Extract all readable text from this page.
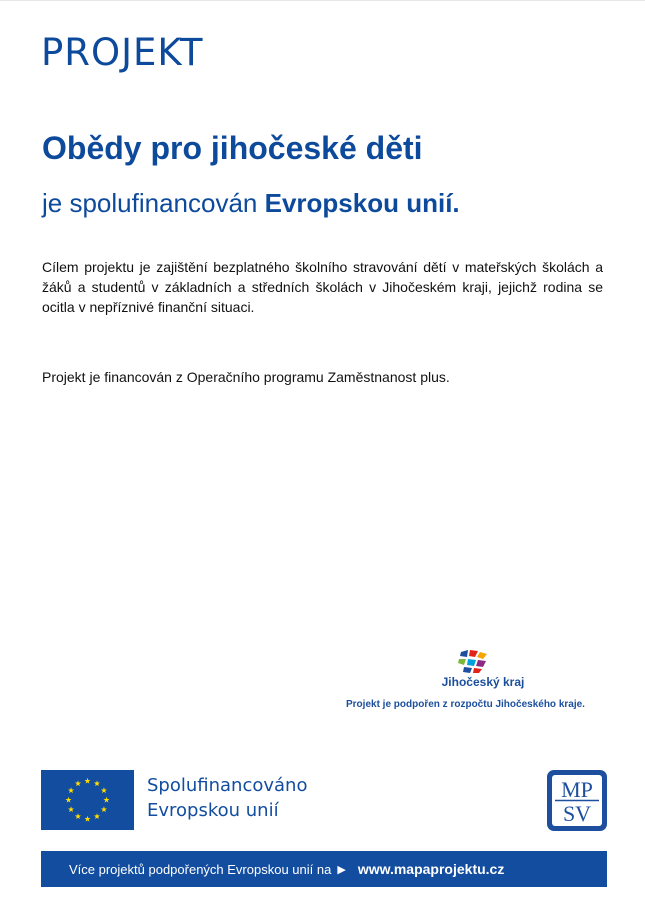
PROJEKT
Obědy pro jihočeské děti
je spolufinancován Evropskou unií.

Cílem projektu je zajištění bezplatného školního stravování dětí v mateřských školách a žáků a studentů v základních a středních školách v Jihočeském kraji, jejichž rodina se ocitla v nepříznivé finanční situaci.

Projekt je financován z Operačního programu Zaměstnanost plus.

Jihočeský kraj
Projekt je podpořen z rozpočtu Jihočeského kraje.
Spolufinancováno
Evropskou unií
MP
SV
Více projektů podpořených Evropskou unií na ▶ www.mapaprojektu.cz
